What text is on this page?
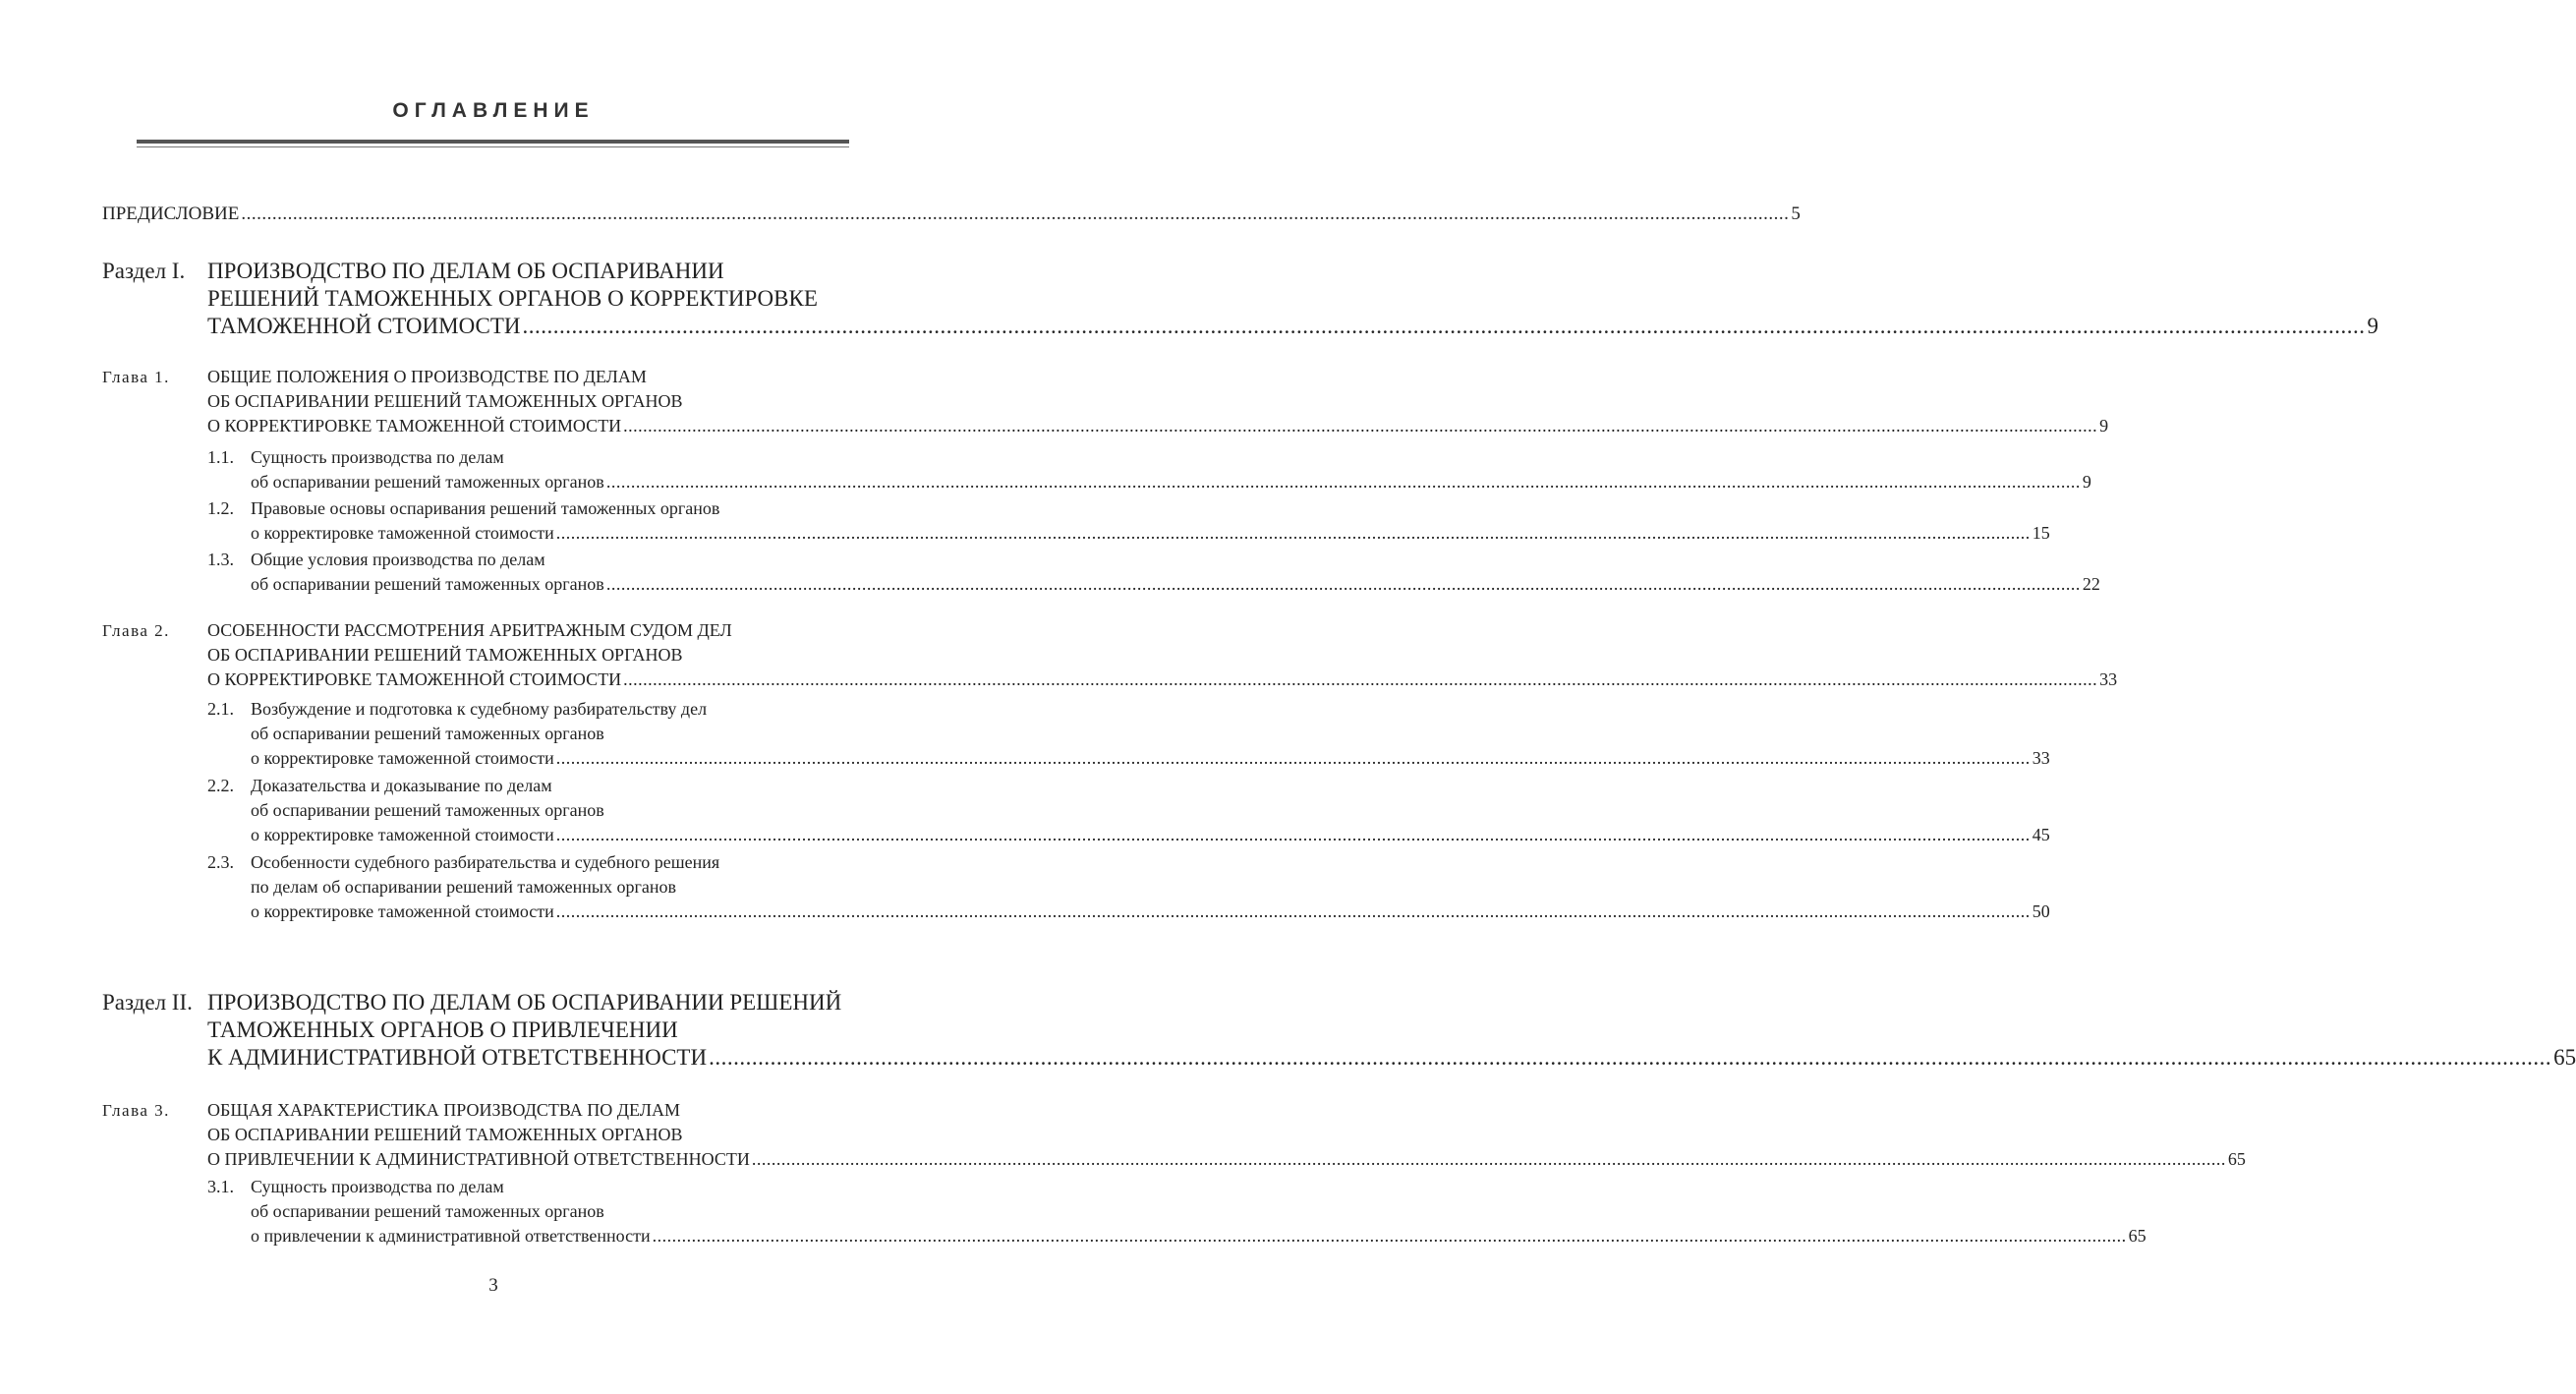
ОГЛАВЛЕНИЕ
ПРЕДИСЛОВИЕ ............................................................................................................................................................................................................................................................................................................ 5
Раздел I. ПРОИЗВОДСТВО ПО ДЕЛАМ ОБ ОСПАРИВАНИИ
РЕШЕНИЙ ТАМОЖЕННЫХ ОРГАНОВ О КОРРЕКТИРОВКЕ
ТАМОЖЕННОЙ СТОИМОСТИ ............................................................................................................................................................................................................................................................................................................ 9
Глава 1. ОБЩИЕ ПОЛОЖЕНИЯ О ПРОИЗВОДСТВЕ ПО ДЕЛАМ
ОБ ОСПАРИВАНИИ РЕШЕНИЙ ТАМОЖЕННЫХ ОРГАНОВ
О КОРРЕКТИРОВКЕ ТАМОЖЕННОЙ СТОИМОСТИ ............................................................................................................................................................................................................................................................................................................ 9
1.1. Сущность производства по делам
об оспаривании решений таможенных органов ............................................................................................................................................................................................................................................................................................................ 9
1.2. Правовые основы оспаривания решений таможенных органов
о корректировке таможенной стоимости ............................................................................................................................................................................................................................................................................................................ 15
1.3. Общие условия производства по делам
об оспаривании решений таможенных органов ............................................................................................................................................................................................................................................................................................................ 22
Глава 2. ОСОБЕННОСТИ РАССМОТРЕНИЯ АРБИТРАЖНЫМ СУДОМ ДЕЛ
ОБ ОСПАРИВАНИИ РЕШЕНИЙ ТАМОЖЕННЫХ ОРГАНОВ
О КОРРЕКТИРОВКЕ ТАМОЖЕННОЙ СТОИМОСТИ ............................................................................................................................................................................................................................................................................................................ 33
2.1. Возбуждение и подготовка к судебному разбирательству дел
об оспаривании решений таможенных органов
о корректировке таможенной стоимости ............................................................................................................................................................................................................................................................................................................ 33
2.2. Доказательства и доказывание по делам
об оспаривании решений таможенных органов
о корректировке таможенной стоимости ............................................................................................................................................................................................................................................................................................................ 45
2.3. Особенности судебного разбирательства и судебного решения
по делам об оспаривании решений таможенных органов
о корректировке таможенной стоимости ............................................................................................................................................................................................................................................................................................................ 50
Раздел II. ПРОИЗВОДСТВО ПО ДЕЛАМ ОБ ОСПАРИВАНИИ РЕШЕНИЙ
ТАМОЖЕННЫХ ОРГАНОВ О ПРИВЛЕЧЕНИИ
К АДМИНИСТРАТИВНОЙ ОТВЕТСТВЕННОСТИ ............................................................................................................................................................................................................................................................................................................ 65
Глава 3. ОБЩАЯ ХАРАКТЕРИСТИКА ПРОИЗВОДСТВА ПО ДЕЛАМ
ОБ ОСПАРИВАНИИ РЕШЕНИЙ ТАМОЖЕННЫХ ОРГАНОВ
О ПРИВЛЕЧЕНИИ К АДМИНИСТРАТИВНОЙ ОТВЕТСТВЕННОСТИ ............................................................................................................................................................................................................................................................................................................ 65
3.1. Сущность производства по делам
об оспаривании решений таможенных органов
о привлечении к административной ответственности ............................................................................................................................................................................................................................................................................................................ 65
3
